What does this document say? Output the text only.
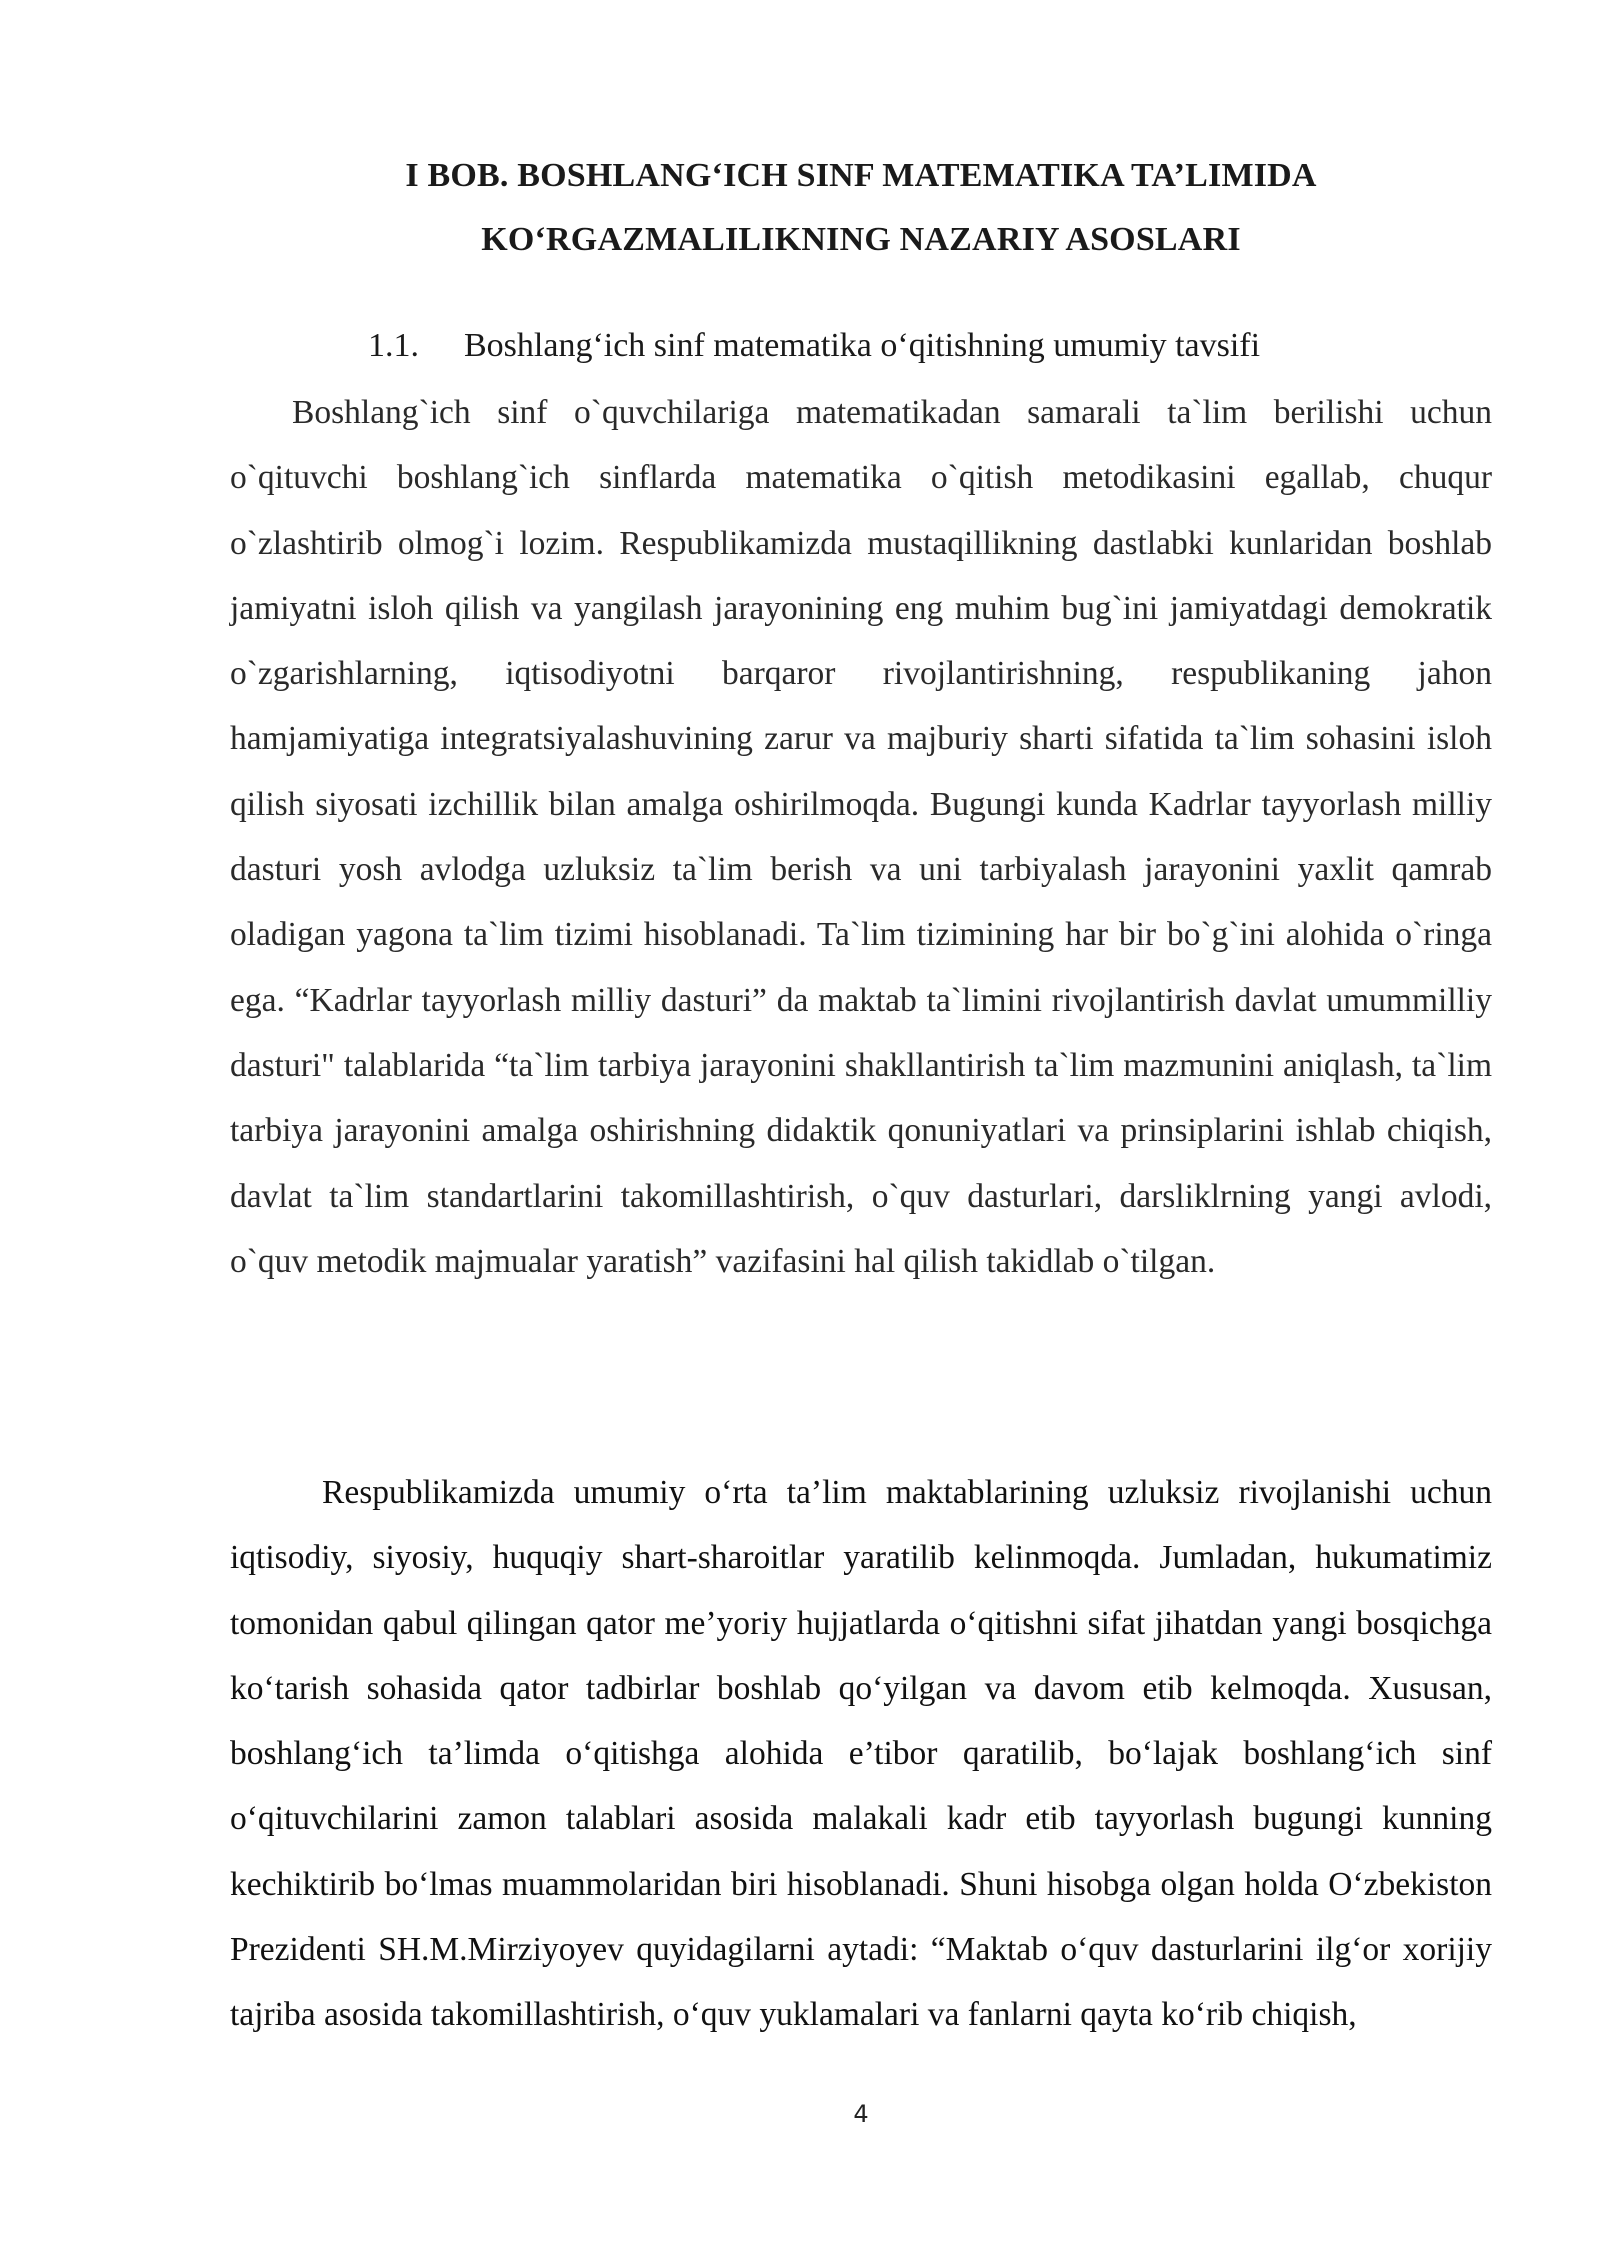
I BOB. BOSHLANG‘ICH SINF MATEMATIKA TA’LIMIDA
KO‘RGAZMALILIKNING NAZARIY ASOSLARI
1.1. Boshlang‘ich sinf matematika o‘qitishning umumiy tavsifi

Boshlang`ich sinf o`quvchilariga matematikadan samarali ta`lim berilishi uchun o`qituvchi boshlang`ich sinflarda matematika o`qitish metodikasini egallab, chuqur o`zlashtirib olmog`i lozim. Respublikamizda mustaqillikning dastlabki kunlaridan boshlab jamiyatni isloh qilish va yangilash jarayonining eng muhim bug`ini jamiyatdagi demokratik o`zgarishlarning, iqtisodiyotni barqaror rivojlantirishning, respublikaning jahon hamjamiyatiga integratsiyalashuvining zarur va majburiy sharti sifatida ta`lim sohasini isloh qilish siyosati izchillik bilan amalga oshirilmoqda. Bugungi kunda Kadrlar tayyorlash milliy dasturi yosh avlodga uzluksiz ta`lim berish va uni tarbiyalash jarayonini yaxlit qamrab oladigan yagona ta`lim tizimi hisoblanadi. Ta`lim tizimining har bir bo`g`ini alohida o`ringa ega. “Kadrlar tayyorlash milliy dasturi” da maktab ta`limini rivojlantirish davlat umummilliy dasturi" talablarida “ta`lim tarbiya jarayonini shakllantirish ta`lim mazmunini aniqlash, ta`lim tarbiya jarayonini amalga oshirishning didaktik qonuniyatlari va prinsiplarini ishlab chiqish, davlat ta`lim standartlarini takomillashtirish, o`quv dasturlari, darsliklrning yangi avlodi, o`quv metodik majmualar yaratish” vazifasini hal qilish takidlab o`tilgan.

Respublikamizda umumiy o‘rta ta’lim maktablarining uzluksiz rivojlanishi uchun iqtisodiy, siyosiy, huquqiy shart-sharoitlar yaratilib kelinmoqda. Jumladan, hukumatimiz tomonidan qabul qilingan qator me’yoriy hujjatlarda o‘qitishni sifat jihatdan yangi bosqichga ko‘tarish sohasida qator tadbirlar boshlab qo‘yilgan va davom etib kelmoqda. Xususan, boshlang‘ich ta’limda o‘qitishga alohida e’tibor qaratilib, bo‘lajak boshlang‘ich sinf o‘qituvchilarini zamon talablari asosida malakali kadr etib tayyorlash bugungi kunning kechiktirib bo‘lmas muammolaridan biri hisoblanadi. Shuni hisobga olgan holda O‘zbekiston Prezidenti SH.M.Mirziyoyev quyidagilarni aytadi: “Maktab o‘quv dasturlarini ilg‘or xorijiy tajriba asosida takomillashtirish, o‘quv yuklamalari va fanlarni qayta ko‘rib chiqish,

4
